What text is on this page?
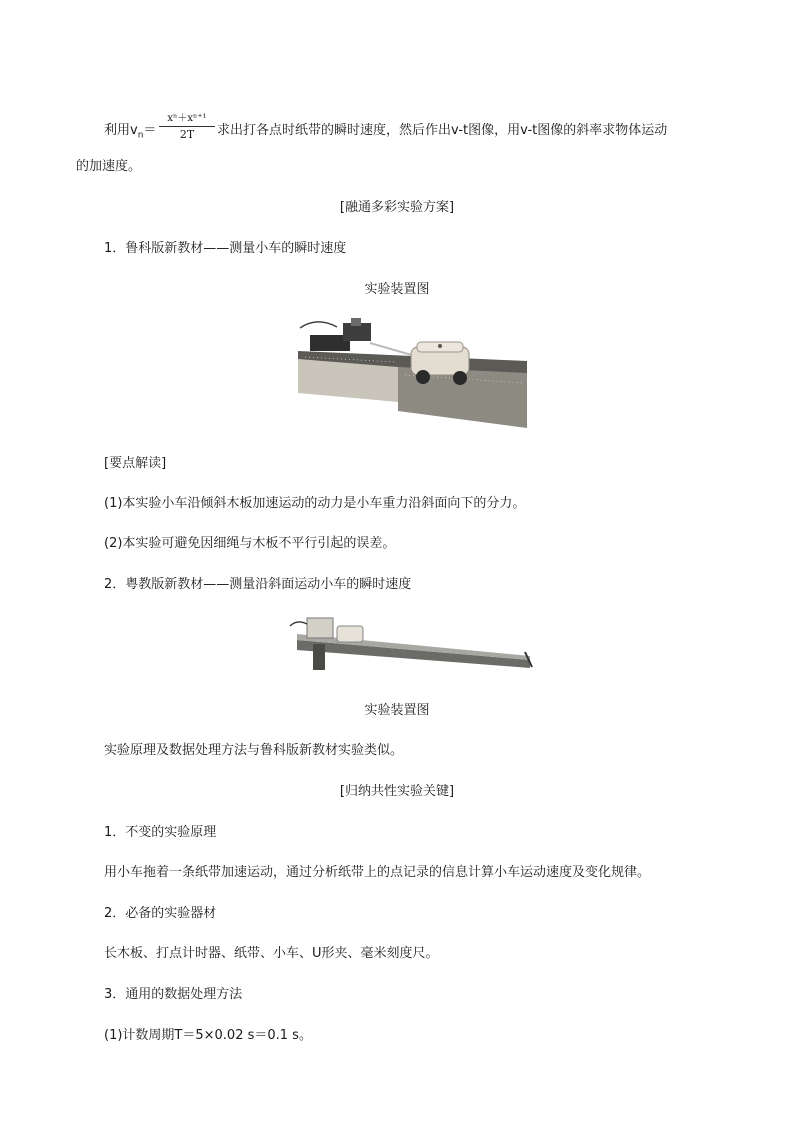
利用$v_n=$
xⁿ＋xⁿ⁺¹
2T	求出打各点时纸带的瞬时速度，然后作出v-t图像，用v-t图像的斜率求物体运动
的加速度。
[融通多彩实验方案]
1．鲁科版新教材——测量小车的瞬时速度
实验装置图
[要点解读]
(1)本实验小车沿倾斜木板加速运动的动力是小车重力沿斜面向下的分力。
(2)本实验可避免因细绳与木板不平行引起的误差。
2．粤教版新教材——测量沿斜面运动小车的瞬时速度
实验装置图
实验原理及数据处理方法与鲁科版新教材实验类似。
[归纳共性实验关键]
1．不变的实验原理
用小车拖着一条纸带加速运动，通过分析纸带上的点记录的信息计算小车运动速度及变化规律。
2．必备的实验器材
长木板、打点计时器、纸带、小车、U形夹、毫米刻度尺。
3．通用的数据处理方法
(1)计数周期T＝5×0.02 s＝0.1 s。
